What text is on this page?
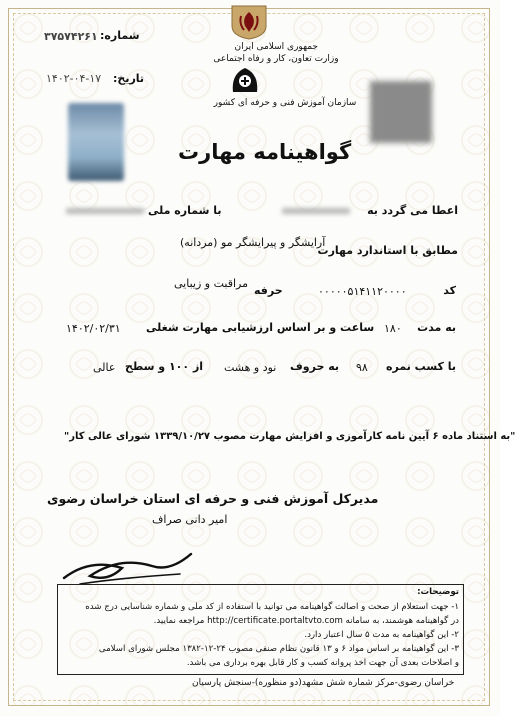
جمهوری اسلامی ایران
وزارت تعاون، کار و رفاه اجتماعی
شماره:
۳۷۵۷۴۲۶۱
تاریخ:
۱۴۰۲-۰۴-۱۷
سازمان آموزش فنی و حرفه ای کشور
گواهینامه مهارت
اعطا می گردد به
با شماره ملی
مطابق با استاندارد مهارت
آرایشگر و پیرایشگر مو (مردانه)
کد
۰۰۰۰۰۵۱۴۱۱۲۰۰۰۰
حرفه
مراقبت و زیبایی
به مدت
۱۸۰
ساعت و بر اساس ارزشیابی مهارت شغلی
۱۴۰۲/۰۲/۳۱
با کسب نمره
۹۸
به حروف
نود و هشت
از ۱۰۰ و سطح
عالی
"به استناد ماده ۶ آیین نامه کارآموزی و افزایش مهارت مصوب ۱۳۳۹/۱۰/۲۷ شورای عالی کار"
مدیرکل آموزش فنی و حرفه ای استان خراسان رضوی
امیر دانی صراف
توضیحات:
۱- جهت استعلام از صحت و اصالت گواهینامه می توانید با استفاده از کد ملی و شماره شناسایی درج شده
در گواهینامه هوشمند، به سامانه http://certificate.portaltvto.com مراجعه نمایید.
۲- این گواهینامه به مدت ۵ سال اعتبار دارد.
۳- این گواهینامه بر اساس مواد ۶ و ۱۳ قانون نظام صنفی مصوب ۲۴-۱۲-۱۳۸۲ مجلس شورای اسلامی
و اصلاحات بعدی آن جهت اخذ پروانه کسب و کار قابل بهره برداری می باشد.
خراسان رضوی-مرکز شماره شش مشهد(دو منظوره)-سنجش پارسیان
